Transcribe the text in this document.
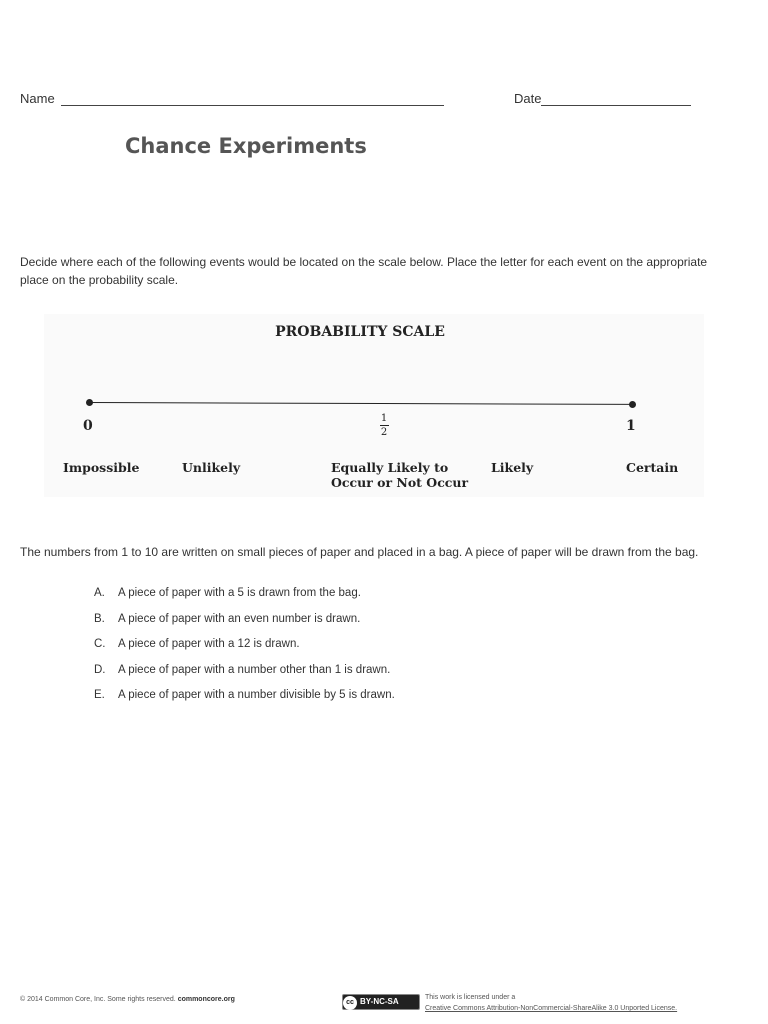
Name	Date
Chance Experiments
Decide where each of the following events would be located on the scale below. Place the letter for each event on the appropriate place on the probability scale.
PROBABILITY SCALE
0	1
2	1
Impossible	Unlikely	Equally Likely to
Occur or Not Occur
Likely	Certain
The numbers from 1 to 10 are written on small pieces of paper and placed in a bag. A piece of paper will be drawn from the bag.
A. A piece of paper with a 5 is drawn from the bag.
B. A piece of paper with an even number is drawn.
C. A piece of paper with a 12 is drawn.
D. A piece of paper with a number other than 1 is drawn.
E. A piece of paper with a number divisible by 5 is drawn.
© 2014 Common Core, Inc. Some rights reserved. commoncore.org	cc BY-NC-SA	This work is licensed under a
Creative Commons Attribution-NonCommercial-ShareAlike 3.0 Unported License.
